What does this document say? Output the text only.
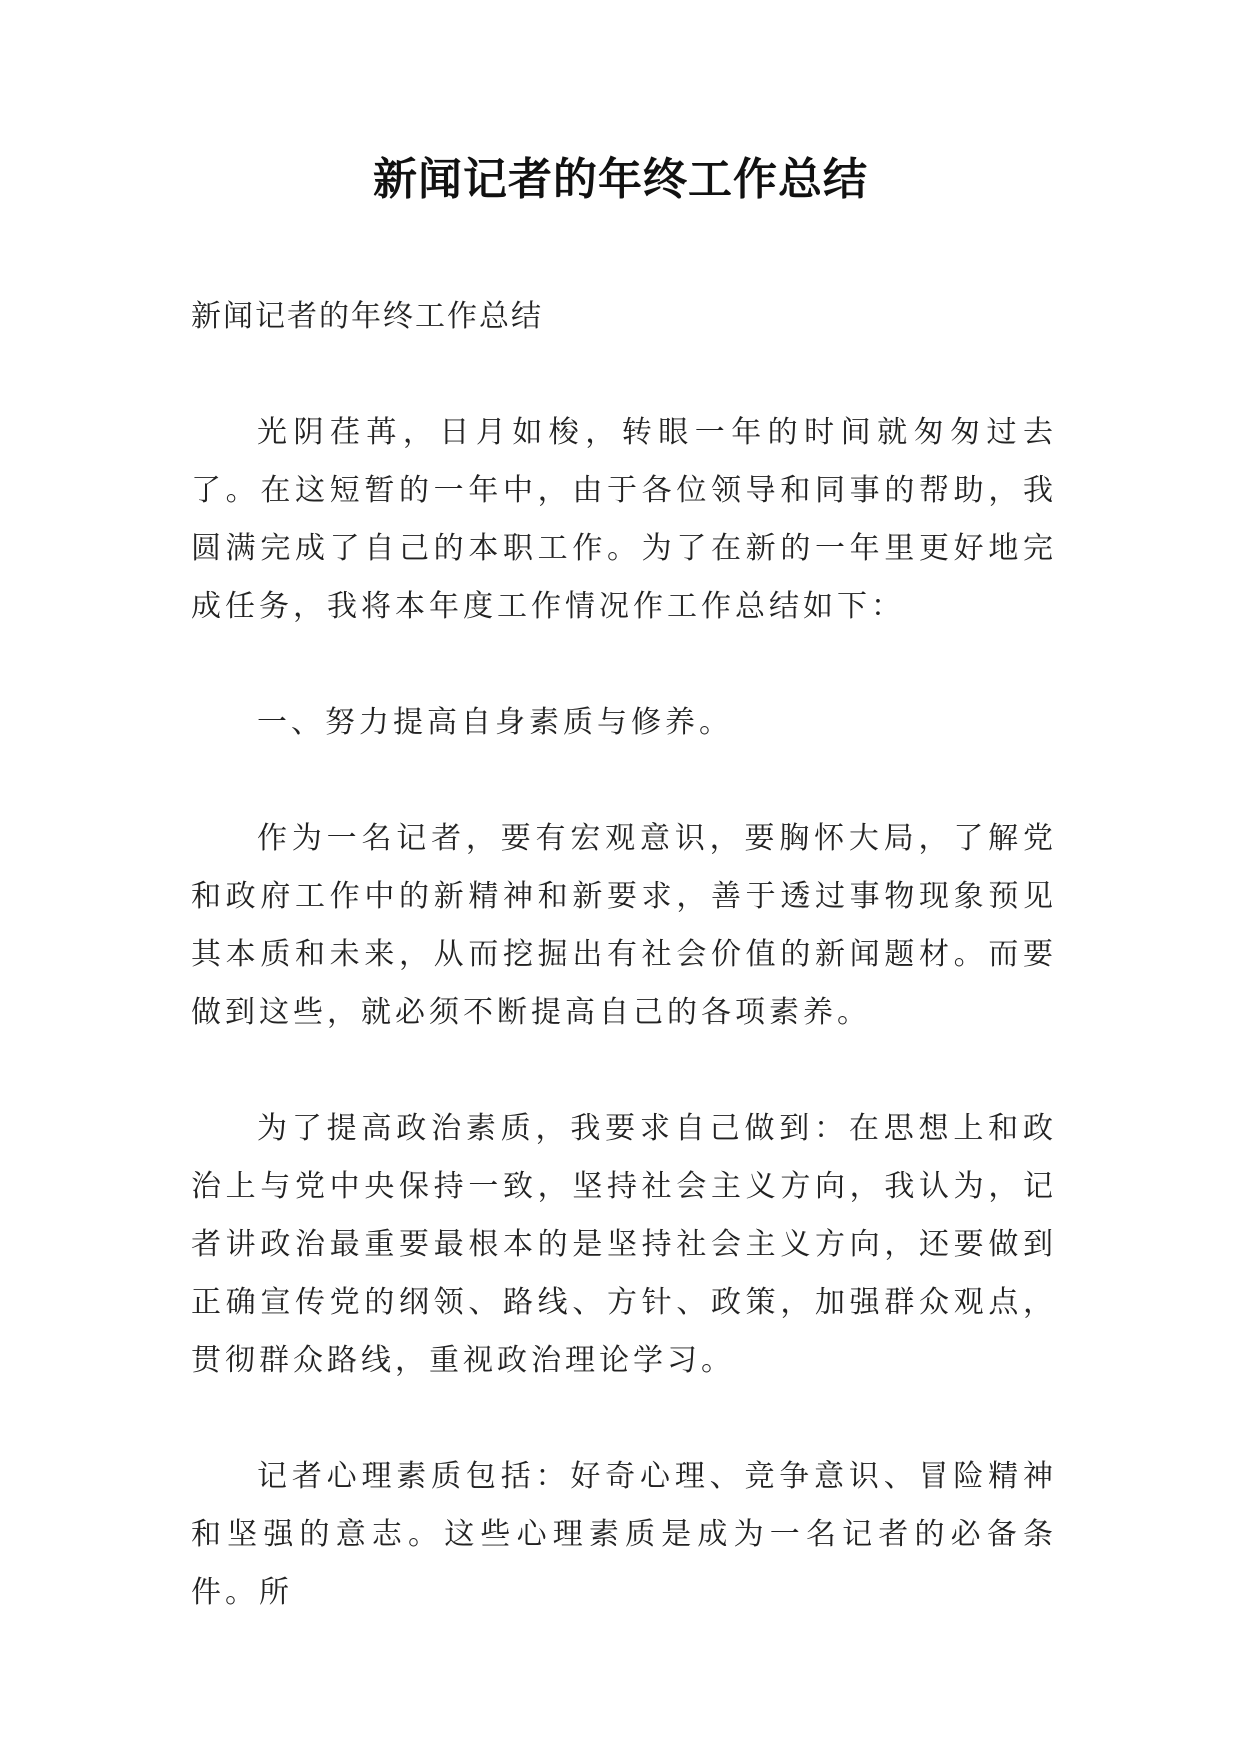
新闻记者的年终工作总结

新闻记者的年终工作总结

光阴荏苒，日月如梭，转眼一年的时间就匆匆过去了。在这短暂的一年中，由于各位领导和同事的帮助，我圆满完成了自己的本职工作。为了在新的一年里更好地完成任务，我将本年度工作情况作工作总结如下：

一、努力提高自身素质与修养。

作为一名记者，要有宏观意识，要胸怀大局，了解党和政府工作中的新精神和新要求，善于透过事物现象预见其本质和未来，从而挖掘出有社会价值的新闻题材。而要做到这些，就必须不断提高自己的各项素养。

为了提高政治素质，我要求自己做到：在思想上和政治上与党中央保持一致，坚持社会主义方向，我认为，记者讲政治最重要最根本的是坚持社会主义方向，还要做到正确宣传党的纲领、路线、方针、政策，加强群众观点，贯彻群众路线，重视政治理论学习。

记者心理素质包括：好奇心理、竞争意识、冒险精神和坚强的意志。这些心理素质是成为一名记者的必备条件。所
